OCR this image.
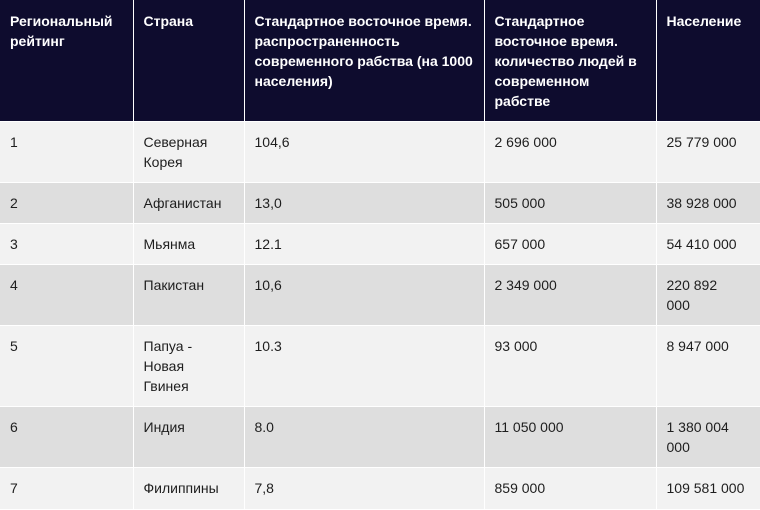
Региональный рейтинг	Страна	Стандартное восточное время. распространенность современного рабства (на 1000 населения)	Стандартное восточное время. количество людей в современном рабстве	Население
1	Северная Корея	104,6	2 696 000	25 779 000
2	Афганистан	13,0	505 000	38 928 000
3	Мьянма	12.1	657 000	54 410 000
4	Пакистан	10,6	2 349 000	220 892 000
5	Папуа - Новая Гвинея	10.3	93 000	8 947 000
6	Индия	8.0	11 050 000	1 380 004 000
7	Филиппины	7,8	859 000	109 581 000
